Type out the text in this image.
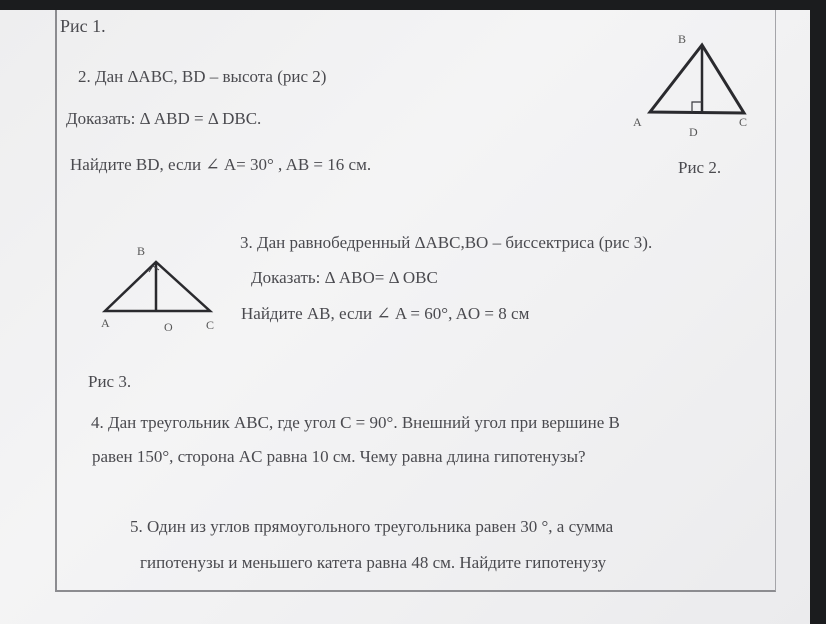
Рис 1.
2. Дан ΔABC, BD – высота (рис 2)
Доказать: Δ ABD = Δ DBC.
Найдите BD, если ∠ A= 30° , AB = 16 см.
B
A
D
C
Рис 2.
B
A	O	C
3. Дан равнобедренный ΔABC,BO – биссектриса (рис 3).
Доказать: Δ ABO= Δ OBC
Найдите AB, если ∠ A = 60°, AO = 8 см
Рис 3.
4. Дан треугольник ABC, где угол C = 90°. Внешний угол при вершине B
равен 150°, сторона AC равна 10 см. Чему равна длина гипотенузы?
5. Один из углов прямоугольного треугольника равен 30 °, а сумма
гипотенузы и меньшего катета равна 48 см. Найдите гипотенузу
